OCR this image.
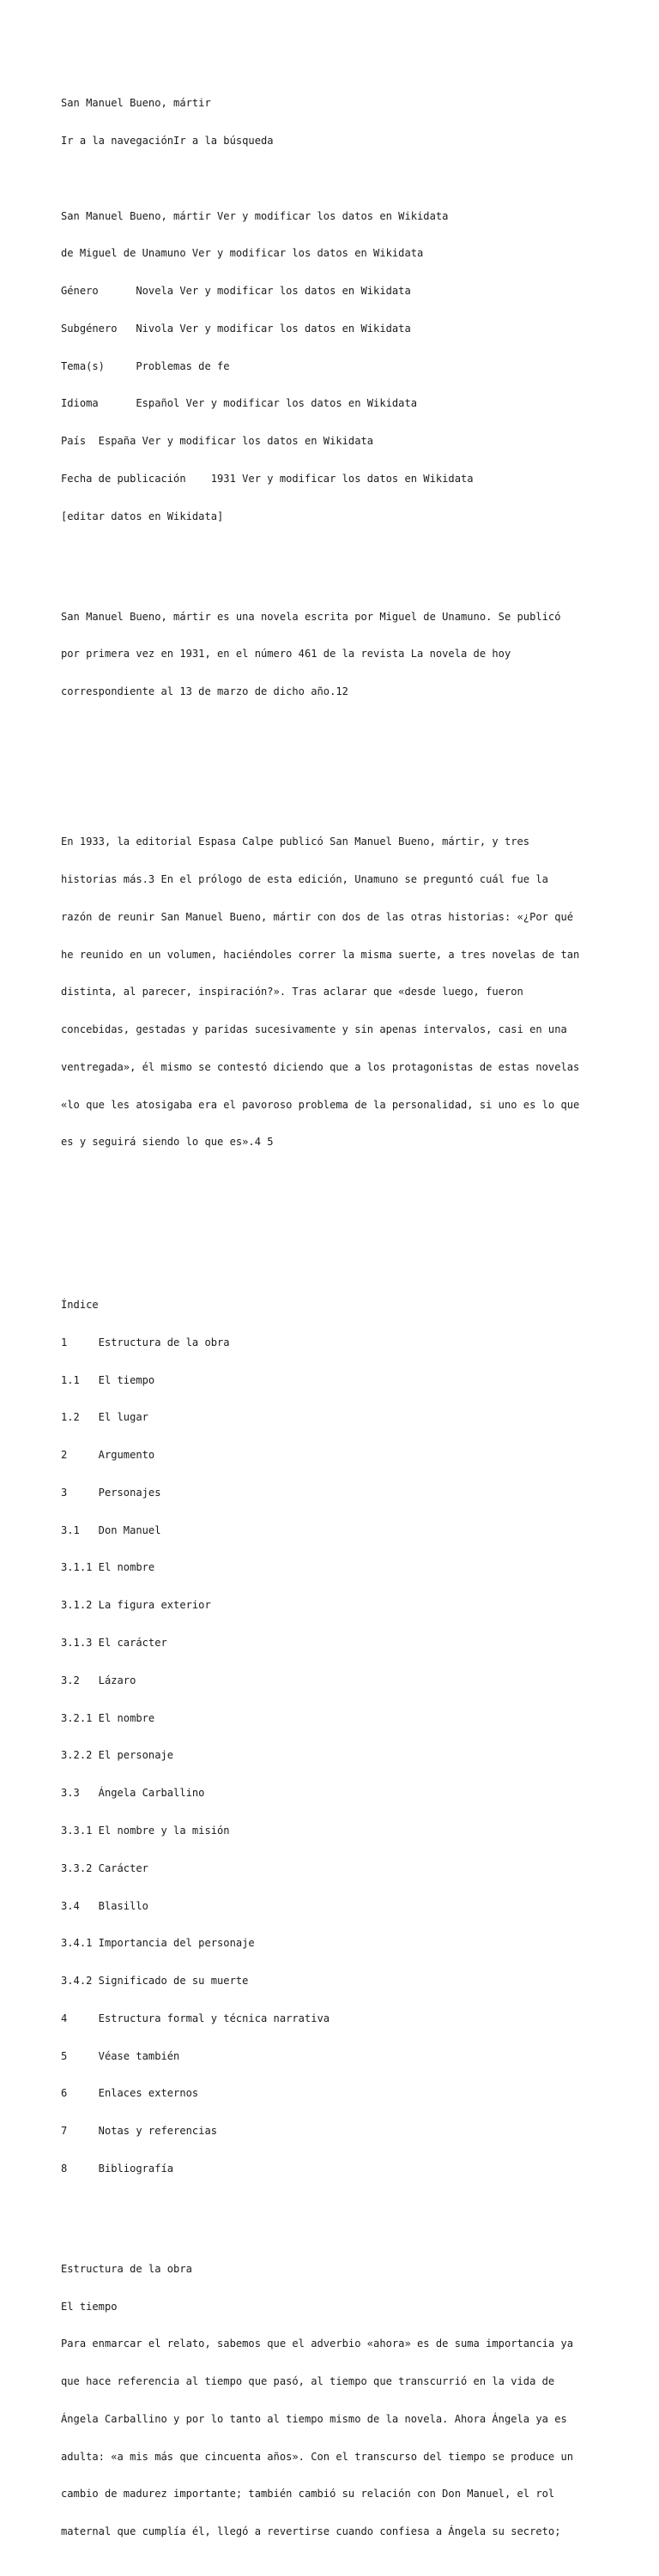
San Manuel Bueno, mártir

Ir a la navegaciónIr a la búsqueda

San Manuel Bueno, mártir Ver y modificar los datos en Wikidata

de Miguel de Unamuno Ver y modificar los datos en Wikidata

Género      Novela Ver y modificar los datos en Wikidata

Subgénero   Nivola Ver y modificar los datos en Wikidata

Tema(s)     Problemas de fe

Idioma      Español Ver y modificar los datos en Wikidata

País  España Ver y modificar los datos en Wikidata

Fecha de publicación    1931 Ver y modificar los datos en Wikidata

[editar datos en Wikidata]

San Manuel Bueno, mártir es una novela escrita por Miguel de Unamuno. Se publicó

por primera vez en 1931, en el número 461 de la revista La novela de hoy

correspondiente al 13 de marzo de dicho año.12

En 1933, la editorial Espasa Calpe publicó San Manuel Bueno, mártir, y tres

historias más.3 En el prólogo de esta edición, Unamuno se preguntó cuál fue la

razón de reunir San Manuel Bueno, mártir con dos de las otras historias: «¿Por qué

he reunido en un volumen, haciéndoles correr la misma suerte, a tres novelas de tan

distinta, al parecer, inspiración?». Tras aclarar que «desde luego, fueron

concebidas, gestadas y paridas sucesivamente y sin apenas intervalos, casi en una

ventregada», él mismo se contestó diciendo que a los protagonistas de estas novelas

«lo que les atosigaba era el pavoroso problema de la personalidad, si uno es lo que

es y seguirá siendo lo que es».4 5

Índice

1     Estructura de la obra

1.1   El tiempo

1.2   El lugar

2     Argumento

3     Personajes

3.1   Don Manuel

3.1.1 El nombre

3.1.2 La figura exterior

3.1.3 El carácter

3.2   Lázaro

3.2.1 El nombre

3.2.2 El personaje

3.3   Ángela Carballino

3.3.1 El nombre y la misión

3.3.2 Carácter

3.4   Blasillo

3.4.1 Importancia del personaje

3.4.2 Significado de su muerte

4     Estructura formal y técnica narrativa

5     Véase también

6     Enlaces externos

7     Notas y referencias

8     Bibliografía

Estructura de la obra

El tiempo

Para enmarcar el relato, sabemos que el adverbio «ahora» es de suma importancia ya

que hace referencia al tiempo que pasó, al tiempo que transcurrió en la vida de

Ángela Carballino y por lo tanto al tiempo mismo de la novela. Ahora Ángela ya es

adulta: «a mis más que cincuenta años». Con el transcurso del tiempo se produce un

cambio de madurez importante; también cambió su relación con Don Manuel, el rol

maternal que cumplía él, llegó a revertirse cuando confiesa a Ángela su secreto;
